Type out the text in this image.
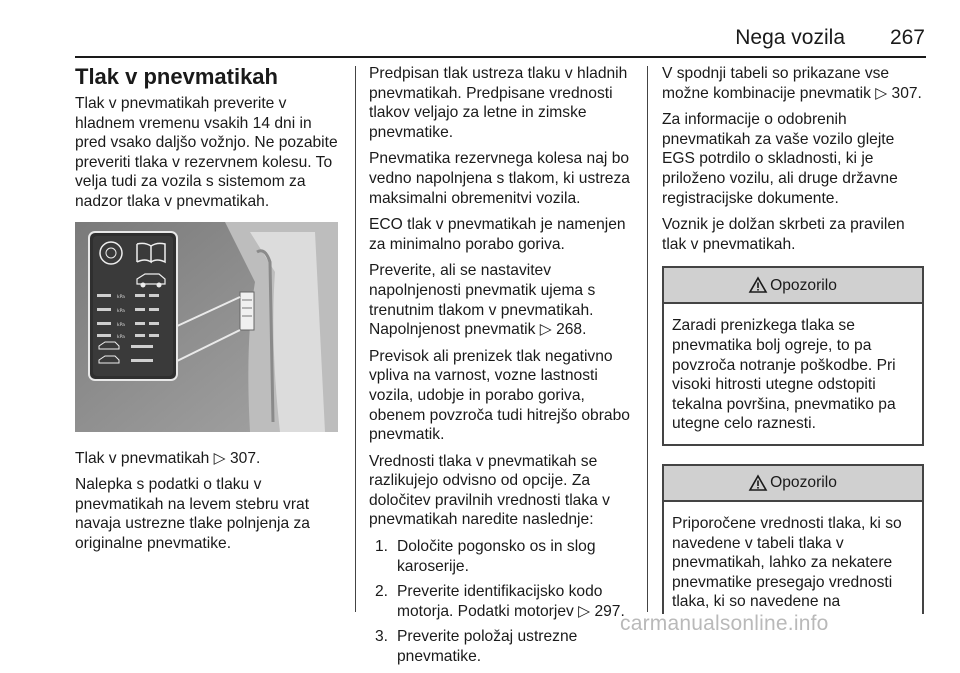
Nega vozila 267
Tlak v pnevmatikah

Tlak v pnevmatikah preverite v hladnem vremenu vsakih 14 dni in pred vsako daljšo vožnjo. Ne pozabite preveriti tlaka v rezervnem kolesu. To velja tudi za vozila s sistemom za nadzor tlaka v pnevmatikah.

kPa
kPa
kPa
kPa

Tlak v pnevmatikah ▷ 307.

Nalepka s podatki o tlaku v pnevmatikah na levem stebru vrat navaja ustrezne tlake polnjenja za originalne pnevmatike.

Predpisan tlak ustreza tlaku v hladnih pnevmatikah. Predpisane vrednosti tlakov veljajo za letne in zimske pnevmatike.

Pnevmatika rezervnega kolesa naj bo vedno napolnjena s tlakom, ki ustreza maksimalni obremenitvi vozila.

ECO tlak v pnevmatikah je namenjen za minimalno porabo goriva.

Preverite, ali se nastavitev napolnjenosti pnevmatik ujema s trenutnim tlakom v pnevmatikah. Napolnjenost pnevmatik ▷ 268.

Previsok ali prenizek tlak negativno vpliva na varnost, vozne lastnosti vozila, udobje in porabo goriva, obenem povzroča tudi hitrejšo obrabo pnevmatik.

Vrednosti tlaka v pnevmatikah se razlikujejo odvisno od opcije. Za določitev pravilnih vrednosti tlaka v pnevmatikah naredite naslednje:

1. Določite pogonsko os in slog karoserije.
2. Preverite identifikacijsko kodo motorja. Podatki motorjev ▷ 297.
3. Preverite položaj ustrezne pnevmatike.

V spodnji tabeli so prikazane vse možne kombinacije pnevmatik ▷ 307.

Za informacije o odobrenih pnevmatikah za vaše vozilo glejte EGS potrdilo o skladnosti, ki je priloženo vozilu, ali druge državne registracijske dokumente.

Voznik je dolžan skrbeti za pravilen tlak v pnevmatikah.

Opozorilo
Zaradi prenizkega tlaka se pnevmatika bolj ogreje, to pa povzroča notranje poškodbe. Pri visoki hitrosti utegne odstopiti tekalna površina, pnevmatiko pa utegne celo raznesti.
Opozorilo
Priporočene vrednosti tlaka, ki so navedene v tabeli tlaka v pnevmatikah, lahko za nekatere pnevmatike presegajo vrednosti tlaka, ki so navedene na
carmanualsonline.info
